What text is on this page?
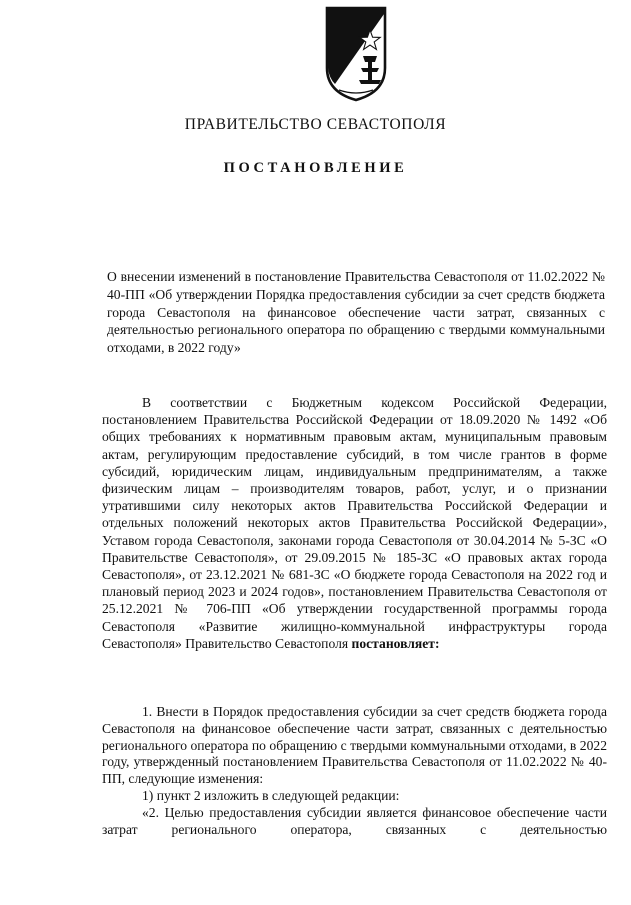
ПРАВИТЕЛЬСТВО СЕВАСТОПОЛЯ
ПОСТАНОВЛЕНИЕ
О внесении изменений в постановление Правительства Севастополя от 11.02.2022 № 40-ПП «Об утверждении Порядка предоставления субсидии за счет средств бюджета города Севастополя на финансовое обеспечение части затрат, связанных с деятельностью регионального оператора по обращению с твердыми коммунальными отходами, в 2022 году»
В соответствии с Бюджетным кодексом Российской Федерации, постановлением Правительства Российской Федерации от 18.09.2020 № 1492 «Об общих требованиях к нормативным правовым актам, муниципальным правовым актам, регулирующим предоставление субсидий, в том числе грантов в форме субсидий, юридическим лицам, индивидуальным предпринимателям, а также физическим лицам – производителям товаров, работ, услуг, и о признании утратившими силу некоторых актов Правительства Российской Федерации и отдельных положений некоторых актов Правительства Российской Федерации», Уставом города Севастополя, законами города Севастополя от 30.04.2014 № 5-ЗС «О Правительстве Севастополя», от 29.09.2015 № 185-ЗС «О правовых актах города Севастополя», от 23.12.2021 № 681-ЗС «О бюджете города Севастополя на 2022 год и плановый период 2023 и 2024 годов», постановлением Правительства Севастополя от 25.12.2021 № 706-ПП «Об утверждении государственной программы города Севастополя «Развитие жилищно-коммунальной инфраструктуры города Севастополя» Правительство Севастополя постановляет:

1. Внести в Порядок предоставления субсидии за счет средств бюджета города Севастополя на финансовое обеспечение части затрат, связанных с деятельностью регионального оператора по обращению с твердыми коммунальными отходами, в 2022 году, утвержденный постановлением Правительства Севастополя от 11.02.2022 № 40-ПП, следующие изменения:

1) пункт 2 изложить в следующей редакции:

«2. Целью предоставления субсидии является финансовое обеспечение части затрат регионального оператора, связанных с деятельностью
